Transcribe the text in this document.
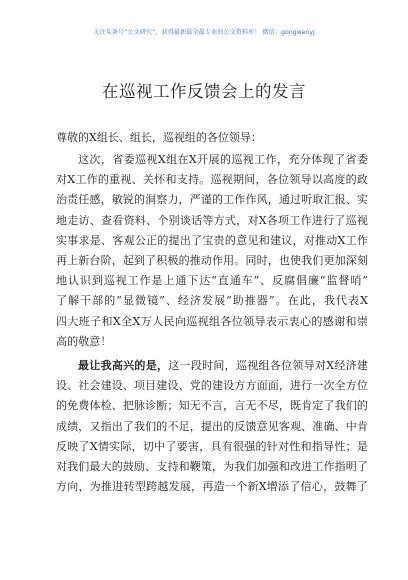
关注头条号“公文研究”，获得最新最全最专业的公文资料库！ 微信：gongwenyj
在巡视工作反馈会上的发言
尊敬的X组长、组长，巡视组的各位领导：
这次，省委巡视X组在X开展的巡视工作，充分体现了省委
对X工作的重视、关怀和支持。巡视期间，各位领导以高度的政
治责任感，敏锐的洞察力，严谨的工作作风，通过听取汇报、实
地走访、查看资料、个别谈话等方式，对X各项工作进行了巡视
实事求是、客观公正的提出了宝贵的意见和建议，对推动X工作
再上新台阶，起到了积极的推动作用。同时，也使我们更加深刻
地认识到巡视工作是上通下达“直通车”、反腐倡廉“监督哨”
了解干部的“显微镜”、经济发展“助推器”。在此，我代表X
四大班子和X全X万人民向巡视组各位领导表示衷心的感谢和崇
高的敬意！
最让我高兴的是，这一段时间，巡视组各位领导对X经济建
设、社会建设、项目建设、党的建设方方面面，进行一次全方位
的免费体检、把脉诊断；知无不言，言无不尽，既肯定了我们的
成绩，又指出了我们的不足，提出的反馈意见客观、准确、中肯
反映了X情实际，切中了要害，具有很强的针对性和指导性；是
对我们最大的鼓励、支持和鞭策，为我们加强和改进工作指明了
方向，为推进转型跨越发展，再造一个新X增添了信心，鼓舞了
